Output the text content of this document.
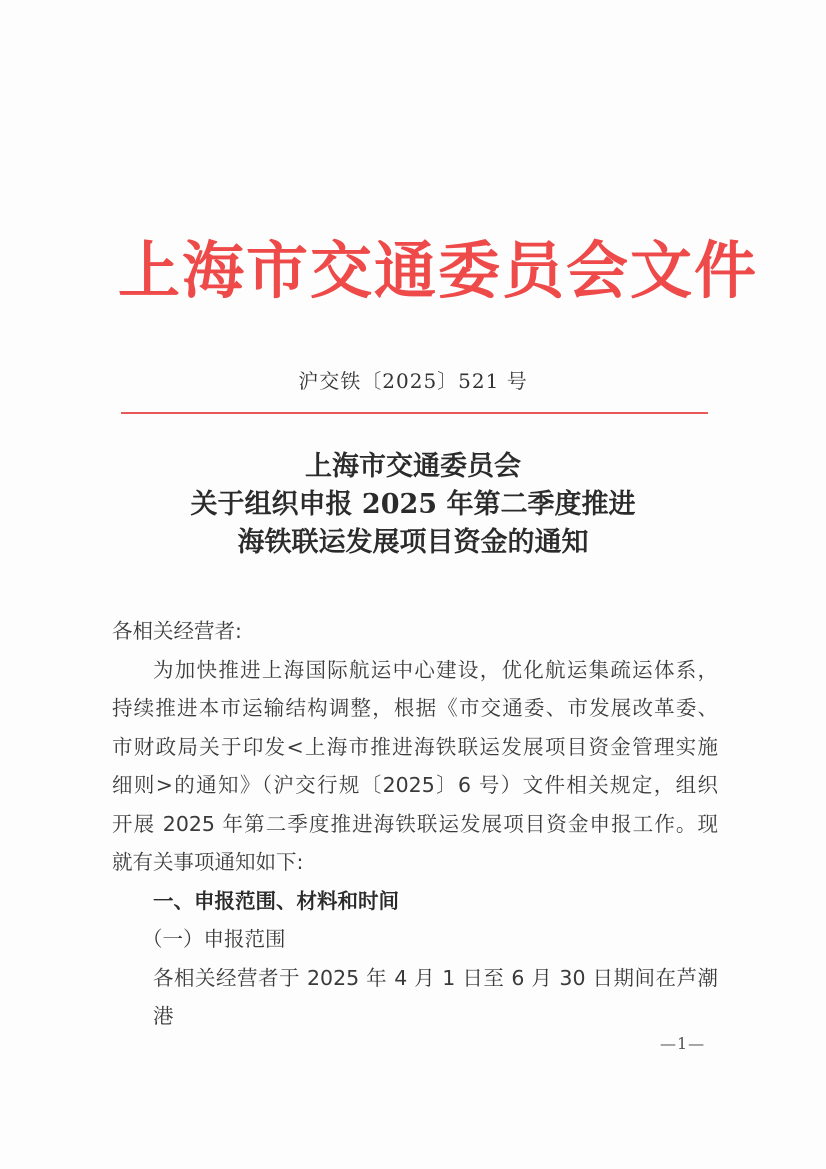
上海市交通委员会文件
沪交铁〔2025〕521 号
上海市交通委员会
关于组织申报 2025 年第二季度推进
海铁联运发展项目资金的通知
各相关经营者:
为加快推进上海国际航运中心建设，优化航运集疏运体系，
持续推进本市运输结构调整，根据《市交通委、市发展改革委、
市财政局关于印发<上海市推进海铁联运发展项目资金管理实施
细则>的通知》（沪交行规〔2025〕6 号）文件相关规定，组织
开展 2025 年第二季度推进海铁联运发展项目资金申报工作。现
就有关事项通知如下:
一、申报范围、材料和时间
（一）申报范围
各相关经营者于 2025 年 4 月 1 日至 6 月 30 日期间在芦潮港
—1—
